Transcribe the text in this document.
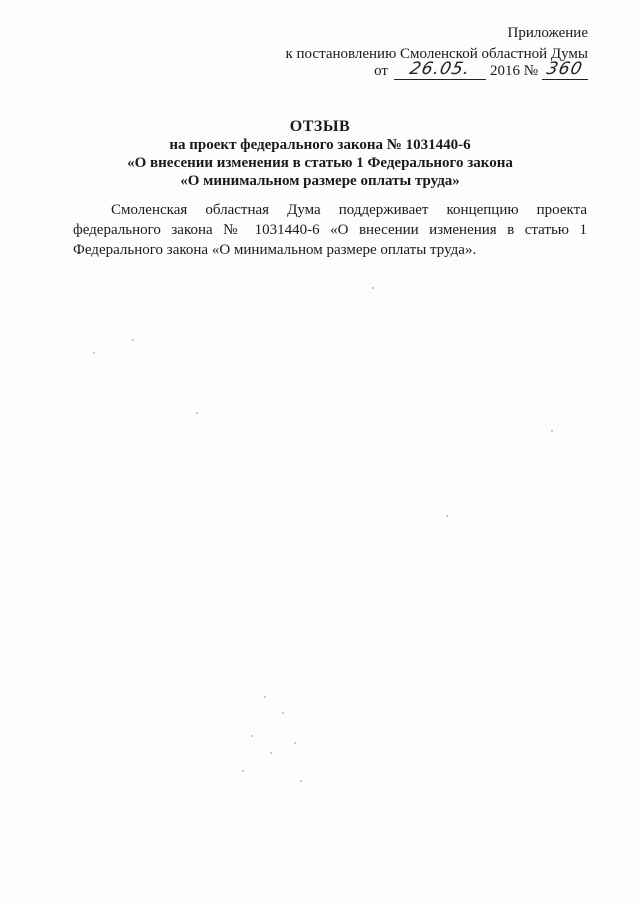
Приложение
к постановлению Смоленской областной Думы
от	26.05.	2016 № 360
ОТЗЫВ
на проект федерального закона № 1031440-6
«О внесении изменения в статью 1 Федерального закона
«О минимальном размере оплаты труда»
Смоленская областная Дума поддерживает концепцию проекта федерального закона № 1031440-6 «О внесении изменения в статью 1 Федерального закона «О минимальном размере оплаты труда».
